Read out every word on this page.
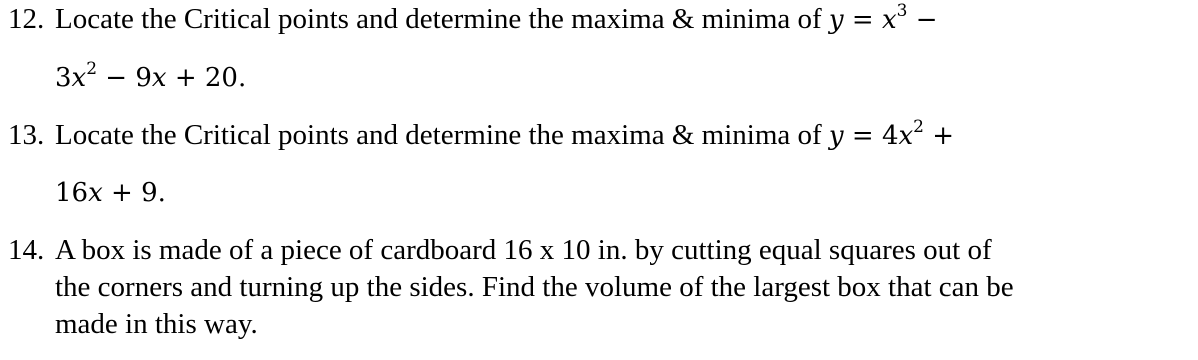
12. Locate the Critical points and determine the maxima & minima of $y = x^3$ −
$3x^2 - 9x + 20$.
13. Locate the Critical points and determine the maxima & minima of $y = 4x^2$ +
16x + 9.
14. A box is made of a piece of cardboard 16 x 10 in. by cutting equal squares out of
the corners and turning up the sides. Find the volume of the largest box that can be
made in this way.
